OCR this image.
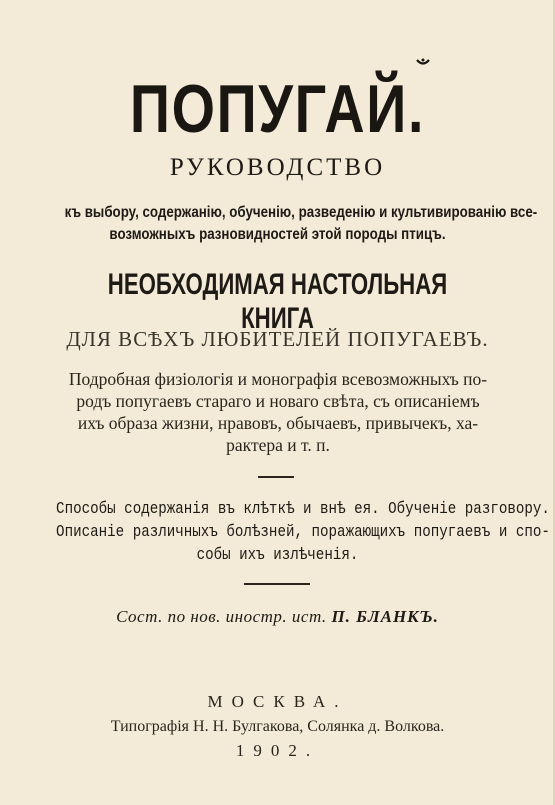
ПОПУГАЙ.
РУКОВОДСТВО
къ выбору, содержанію, обученію, разведенію и культивированію все-
возможныхъ разновидностей этой породы птицъ.
НЕОБХОДИМАЯ НАСТОЛЬНАЯ КНИГА
ДЛЯ ВСѢХЪ ЛЮБИТЕЛЕЙ ПОПУГАЕВЪ.
Подробная физіологія и монографія всевозможныхъ по-
родъ попугаевъ стараго и новаго свѣта, съ описаніемъ
ихъ образа жизни, нравовъ, обычаевъ, привычекъ, ха-
рактера и т. п.
Способы содержанія въ клѣткѣ и внѣ ея. Обученіе разговору.
Описаніе различныхъ болѣзней, поражающихъ попугаевъ и спо-
собы ихъ излѣченія.
Сост. по нов. иностр. ист. П. БЛАНКЪ.
МОСКВА.
Типографія Н. Н. Булгакова, Солянка д. Волкова.
1902.
